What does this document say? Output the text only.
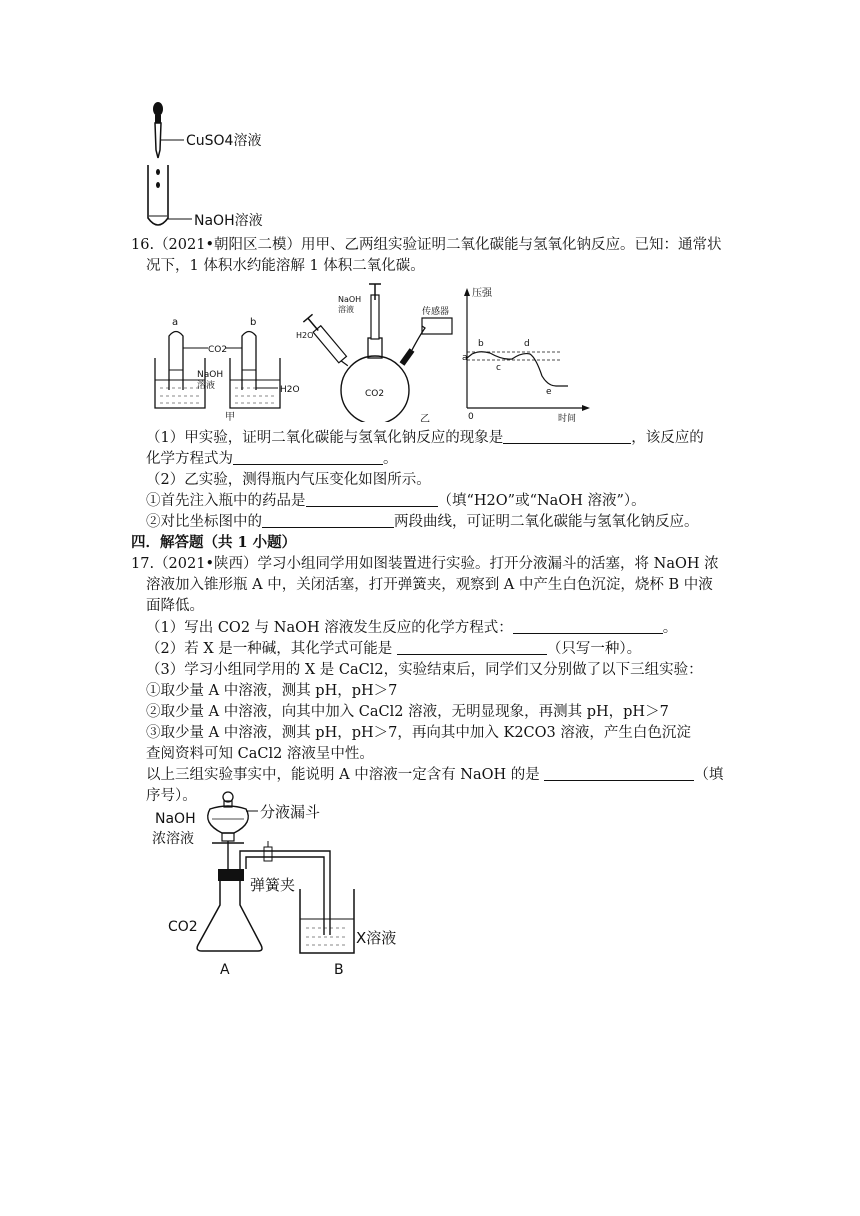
CuSO4溶液
NaOH溶液
16.（2021•朝阳区二模）用甲、乙两组实验证明二氧化碳能与氢氧化钠反应。已知：通常状
况下，1 体积水约能溶解 1 体积二氧化碳。
a
NaOH
溶液
CO2
b
H2O
甲
CO2
NaOH
溶液
H2O
传感器
乙
压强
时间
0
a
b
c
d
e
（1）甲实验，证明二氧化碳能与氢氧化钠反应的现象是	，该反应的
化学方程式为	。
（2）乙实验，测得瓶内气压变化如图所示。
①首先注入瓶中的药品是	（填“H2O”或“NaOH 溶液”）。
②对比坐标图中的	两段曲线，可证明二氧化碳能与氢氧化钠反应。
四．解答题（共 1 小题）
17.（2021•陕西）学习小组同学用如图装置进行实验。打开分液漏斗的活塞，将 NaOH 浓
溶液加入锥形瓶 A 中，关闭活塞，打开弹簧夹，观察到 A 中产生白色沉淀，烧杯 B 中液
面降低。
（1）写出 CO2 与 NaOH 溶液发生反应的化学方程式：	。
（2）若 X 是一种碱，其化学式可能是	（只写一种）。
（3）学习小组同学用的 X 是 CaCl2，实验结束后，同学们又分别做了以下三组实验：
①取少量 A 中溶液，测其 pH，pH＞7
②取少量 A 中溶液，向其中加入 CaCl2 溶液，无明显现象，再测其 pH，pH＞7
③取少量 A 中溶液，测其 pH，pH＞7，再向其中加入 K2CO3 溶液，产生白色沉淀
查阅资料可知 CaCl2 溶液呈中性。
以上三组实验事实中，能说明 A 中溶液一定含有 NaOH 的是	（填
序号）。
分液漏斗
NaOH
浓溶液
弹簧夹
CO2
A
X溶液
B
